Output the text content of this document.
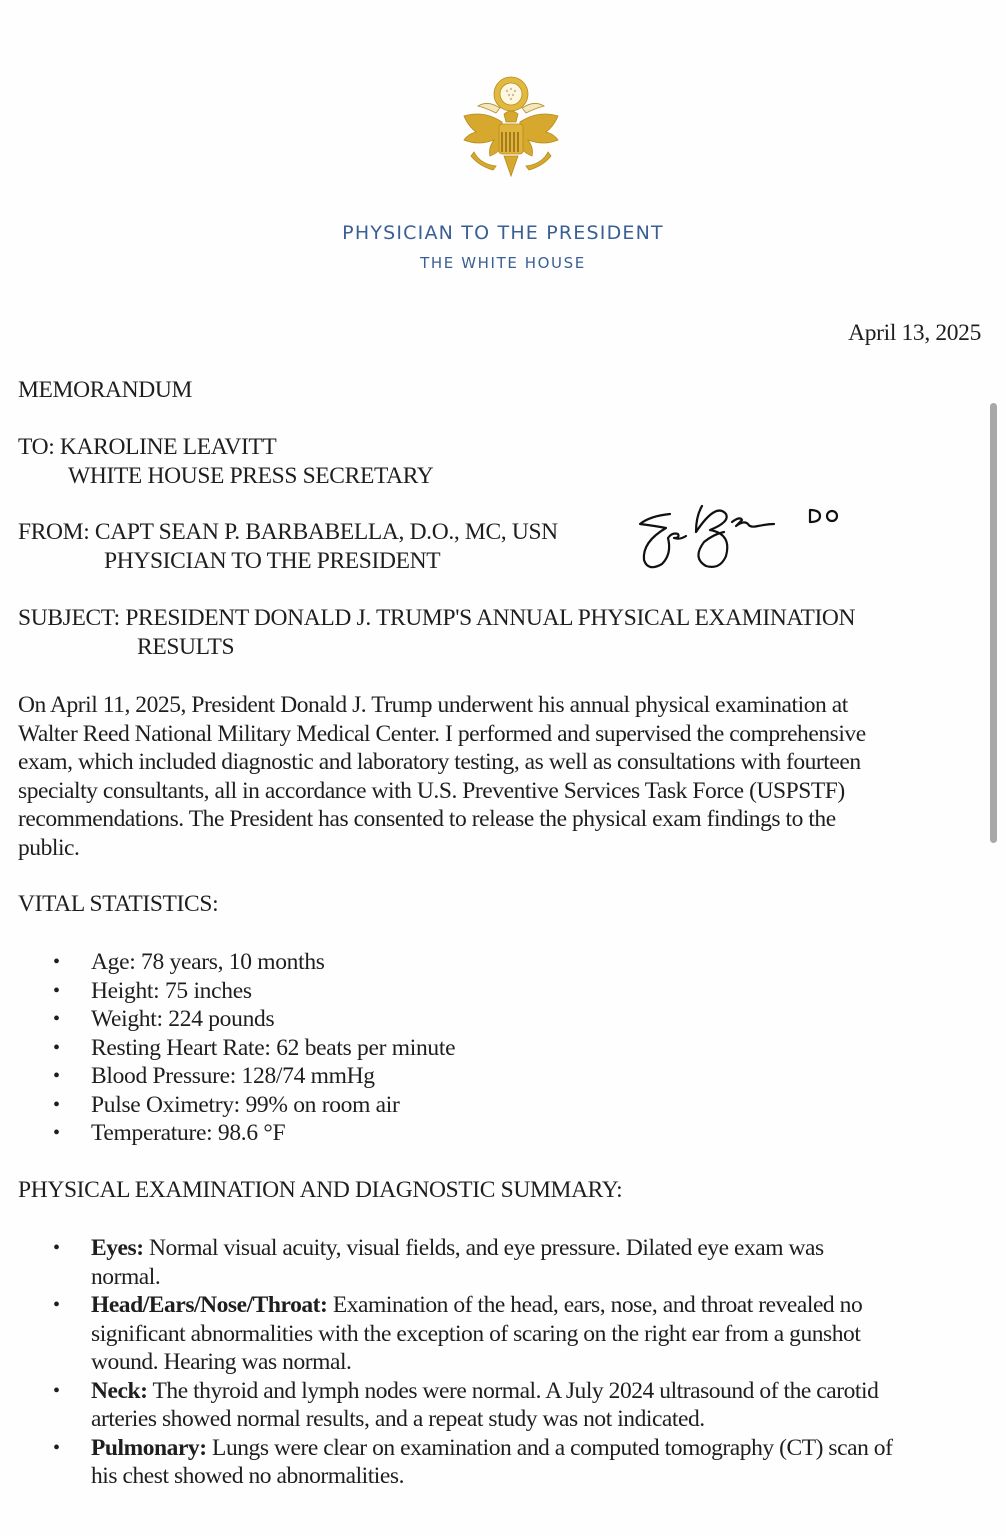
PHYSICIAN TO THE PRESIDENT
THE WHITE HOUSE
April 13, 2025
MEMORANDUM
TO: KAROLINE LEAVITT
WHITE HOUSE PRESS SECRETARY
FROM: CAPT SEAN P. BARBABELLA, D.O., MC, USN
PHYSICIAN TO THE PRESIDENT
SUBJECT: PRESIDENT DONALD J. TRUMP'S ANNUAL PHYSICAL EXAMINATION
RESULTS
On April 11, 2025, President Donald J. Trump underwent his annual physical examination at
Walter Reed National Military Medical Center. I performed and supervised the comprehensive
exam, which included diagnostic and laboratory testing, as well as consultations with fourteen
specialty consultants, all in accordance with U.S. Preventive Services Task Force (USPSTF)
recommendations. The President has consented to release the physical exam findings to the
public.
VITAL STATISTICS:
• Age: 78 years, 10 months
• Height: 75 inches
• Weight: 224 pounds
• Resting Heart Rate: 62 beats per minute
• Blood Pressure: 128/74 mmHg
• Pulse Oximetry: 99% on room air
• Temperature: 98.6 °F
PHYSICAL EXAMINATION AND DIAGNOSTIC SUMMARY:
• Eyes: Normal visual acuity, visual fields, and eye pressure. Dilated eye exam was
normal.
• Head/Ears/Nose/Throat: Examination of the head, ears, nose, and throat revealed no
significant abnormalities with the exception of scaring on the right ear from a gunshot
wound. Hearing was normal.
• Neck: The thyroid and lymph nodes were normal. A July 2024 ultrasound of the carotid
arteries showed normal results, and a repeat study was not indicated.
• Pulmonary: Lungs were clear on examination and a computed tomography (CT) scan of
his chest showed no abnormalities.
